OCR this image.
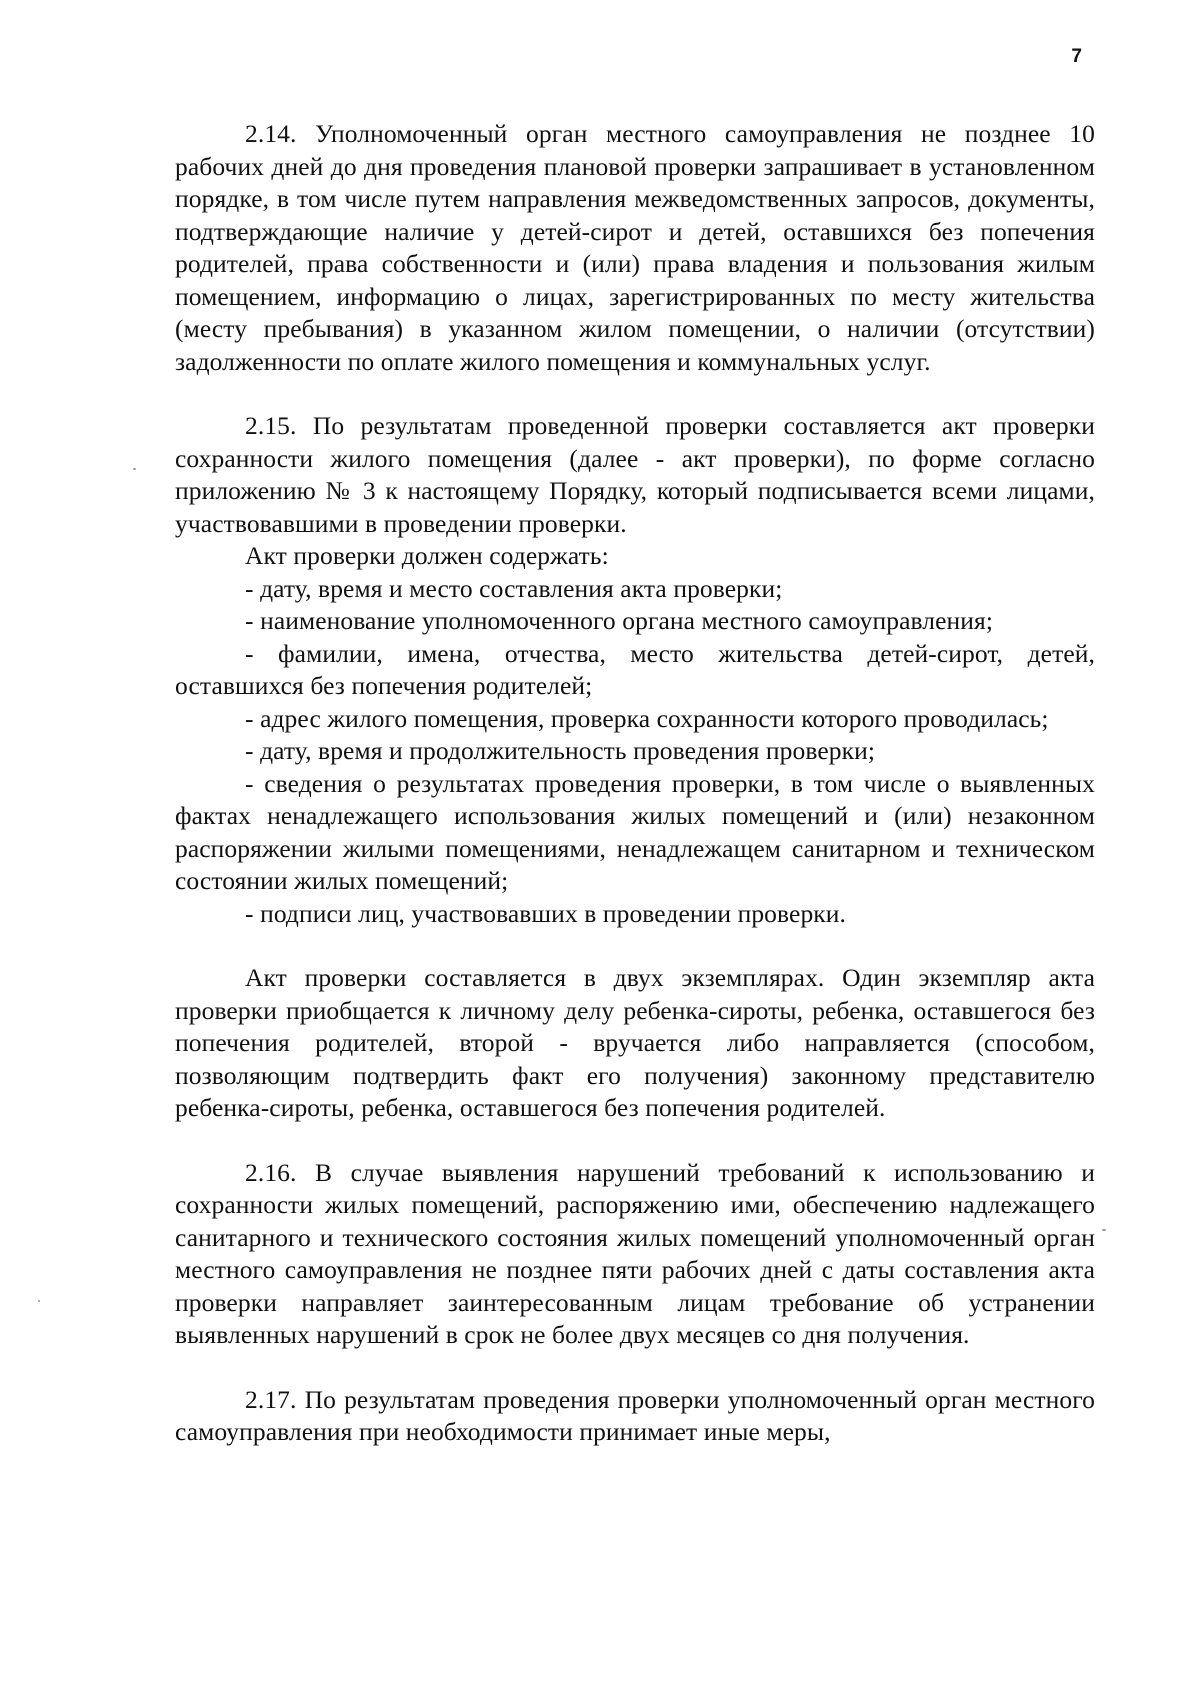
7

2.14. Уполномоченный орган местного самоуправления не позднее 10 рабочих дней до дня проведения плановой проверки запрашивает в установленном порядке, в том числе путем направления межведомственных запросов, документы, подтверждающие наличие у детей-сирот и детей, оставшихся без попечения родителей, права собственности и (или) права владения и пользования жилым помещением, информацию о лицах, зарегистрированных по месту жительства (месту пребывания) в указанном жилом помещении, о наличии (отсутствии) задолженности по оплате жилого помещения и коммунальных услуг.

2.15. По результатам проведенной проверки составляется акт проверки сохранности жилого помещения (далее - акт проверки), по форме согласно приложению № 3 к настоящему Порядку, который подписывается всеми лицами, участвовавшими в проведении проверки.

Акт проверки должен содержать:

- дату, время и место составления акта проверки;

- наименование уполномоченного органа местного самоуправления;

- фамилии, имена, отчества, место жительства детей-сирот, детей, оставшихся без попечения родителей;

- адрес жилого помещения, проверка сохранности которого проводилась;

- дату, время и продолжительность проведения проверки;

- сведения о результатах проведения проверки, в том числе о выявленных фактах ненадлежащего использования жилых помещений и (или) незаконном распоряжении жилыми помещениями, ненадлежащем санитарном и техническом состоянии жилых помещений;

- подписи лиц, участвовавших в проведении проверки.

Акт проверки составляется в двух экземплярах. Один экземпляр акта проверки приобщается к личному делу ребенка-сироты, ребенка, оставшегося без попечения родителей, второй - вручается либо направляется (способом, позволяющим подтвердить факт его получения) законному представителю ребенка-сироты, ребенка, оставшегося без попечения родителей.

2.16. В случае выявления нарушений требований к использованию и сохранности жилых помещений, распоряжению ими, обеспечению надлежащего санитарного и технического состояния жилых помещений уполномоченный орган местного самоуправления не позднее пяти рабочих дней с даты составления акта проверки направляет заинтересованным лицам требование об устранении выявленных нарушений в срок не более двух месяцев со дня получения.

2.17. По результатам проведения проверки уполномоченный орган местного самоуправления при необходимости принимает иные меры,
